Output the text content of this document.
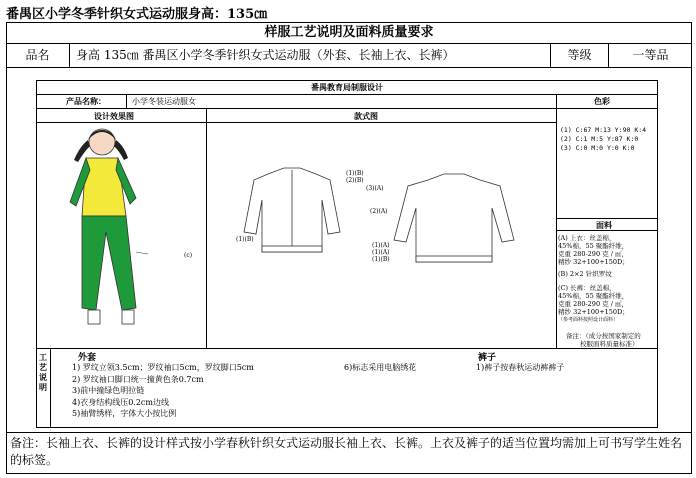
番禺区小学冬季针织女式运动服身高：135㎝
样服工艺说明及面料质量要求
品名	身高 135㎝ 番禺区小学冬季针织女式运动服（外套、长袖上衣、长裤）	等级	一等品
番禺教育局制服设计
产品名称：	小学冬装运动服女	色彩
设计效果图	款式图
面料
(1) C:67 M:13 Y:90 K:4
(2) C:1 M:5 Y:87 K:0
(3) C:0 M:0 Y:0 K:0
(A) 上衣：丝盖棉，
45%棉，55 聚酯纤维，
克重 280-290 克 / ㎡，
精纱 32+100+150D；
(B) 2×2 针织罗纹
(C) 长裤：丝盖棉，
45%棉，55 聚酯纤维，
克重 280-290 克 / ㎡，
精纱 32+100+150D；
（参考面料按照设计面料）
备注：（成分按国家制定的
校服面料质量标准）
工艺说明
外套
1) 罗纹立领3.5cm；罗纹袖口5cm，罗纹脚口5cm
2) 罗纹袖口脚口统一撞黄色条0.7cm
3)前中撞绿色明拉链
4)衣身结构线压0.2cm边线
5)袖臂绣样，字体大小按比例
6)标志采用电脑绣花
裤子
1)裤子按春秋运动裤裤子
(1)(B)
(2)(B)
(3)(A)
(2)(A)
(1)(A)
(1)(A)
(1)(B)
(1)(B)
(c)
备注：长袖上衣、长裤的设计样式按小学春秋针织女式运动服长袖上衣、长裤。上衣及裤子的适当位置均需加上可书写学生姓名的标签。
